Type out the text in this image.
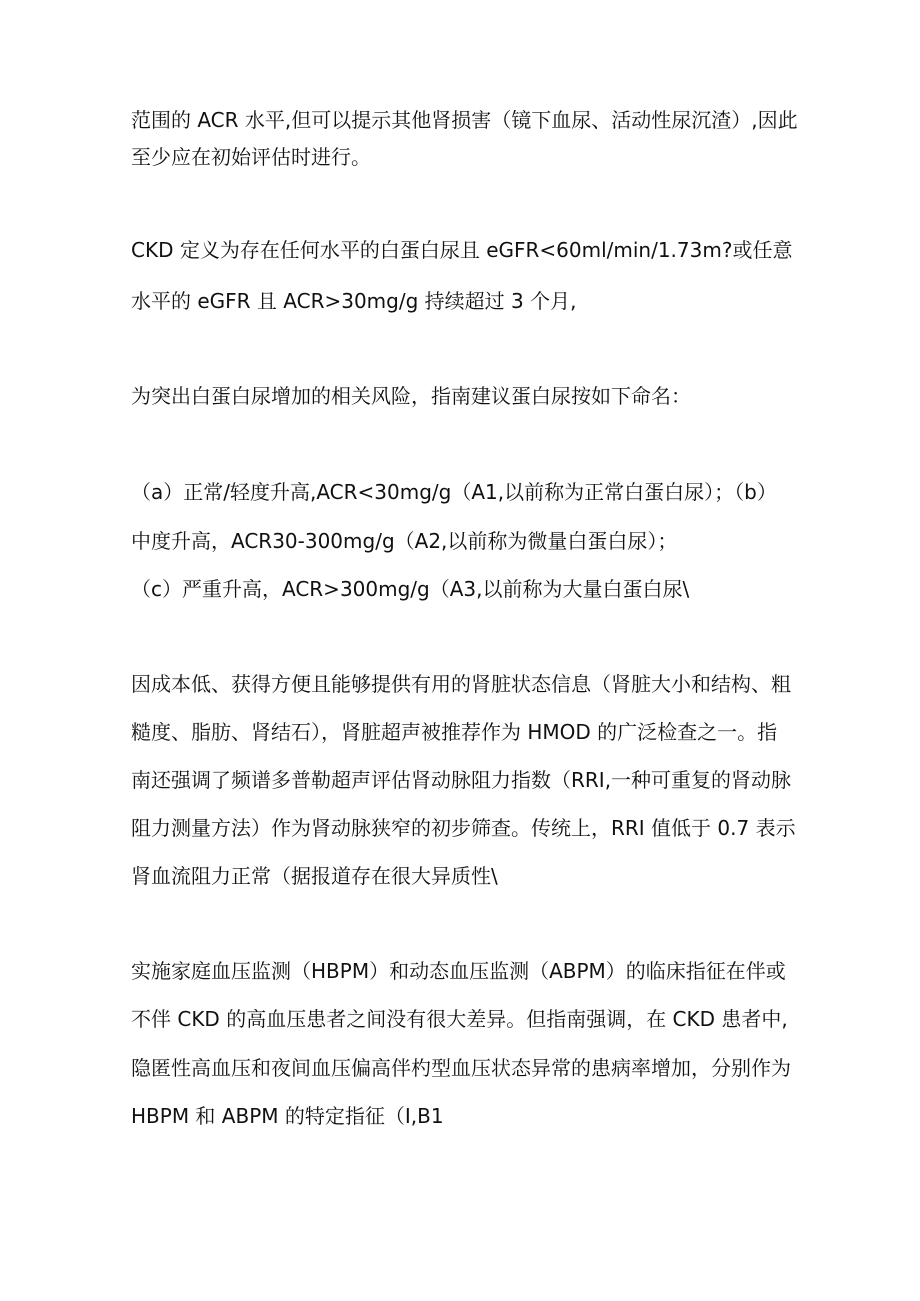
范围的 ACR 水平,但可以提示其他肾损害（镜下血尿、活动性尿沉渣）,因此
至少应在初始评估时进行。
CKD 定义为存在任何水平的白蛋白尿且 eGFR<60ml/min/1.73m?或任意
水平的 eGFR 且 ACR>30mg/g 持续超过 3 个月,
为突出白蛋白尿增加的相关风险，指南建议蛋白尿按如下命名：
（a）正常/轻度升高,ACR<30mg/g（A1,以前称为正常白蛋白尿）；（b）
中度升高，ACR30-300mg/g（A2,以前称为微量白蛋白尿）；
（c）严重升高，ACR>300mg/g（A3,以前称为大量白蛋白尿\
因成本低、获得方便且能够提供有用的肾脏状态信息（肾脏大小和结构、粗
糙度、脂肪、肾结石），肾脏超声被推荐作为 HMOD 的广泛检查之一。指
南还强调了频谱多普勒超声评估肾动脉阻力指数（RRI,一种可重复的肾动脉
阻力测量方法）作为肾动脉狭窄的初步筛查。传统上，RRI 值低于 0.7 表示
肾血流阻力正常（据报道存在很大异质性\
实施家庭血压监测（HBPM）和动态血压监测（ABPM）的临床指征在伴或
不伴 CKD 的高血压患者之间没有很大差异。但指南强调，在 CKD 患者中,
隐匿性高血压和夜间血压偏高伴杓型血压状态异常的患病率增加，分别作为
HBPM 和 ABPM 的特定指征（I,B1
